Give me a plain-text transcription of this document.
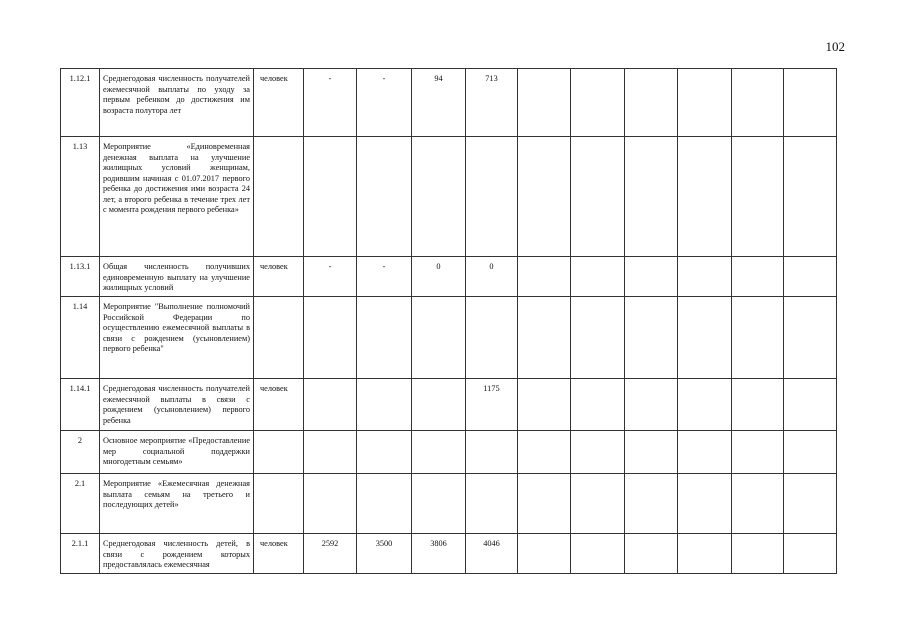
102
1.12.1	Среднегодовая численность получателей ежемесячной выплаты по уходу за первым ребенком до достижения им возраста полутора лет	человек	-	-	94	713						
1.13	Мероприятие «Единовременная денежная выплата на улучшение жилищных условий женщинам, родившим начиная с 01.07.2017 первого ребенка до достижения ими возраста 24 лет, а второго ребенка в течение трех лет с момента рождения первого ребенка»											
1.13.1	Общая численность получивших единовременную выплату на улучшение жилищных условий	человек	-	-	0	0						
1.14	Мероприятие "Выполнение полномочий Российской Федерации по осуществлению ежемесячной выплаты в связи с рождением (усыновлением) первого ребенка"											
1.14.1	Среднегодовая численность получателей ежемесячной выплаты в связи с рождением (усыновлением) первого ребенка	человек				1175						
2	Основное мероприятие «Предоставление мер социальной поддержки многодетным семьям»											
2.1	Мероприятие «Ежемесячная денежная выплата семьям на третьего и последующих детей»											
2.1.1	Среднегодовая численность детей, в связи с рождением которых предоставлялась ежемесячная	человек	2592	3500	3806	4046						
